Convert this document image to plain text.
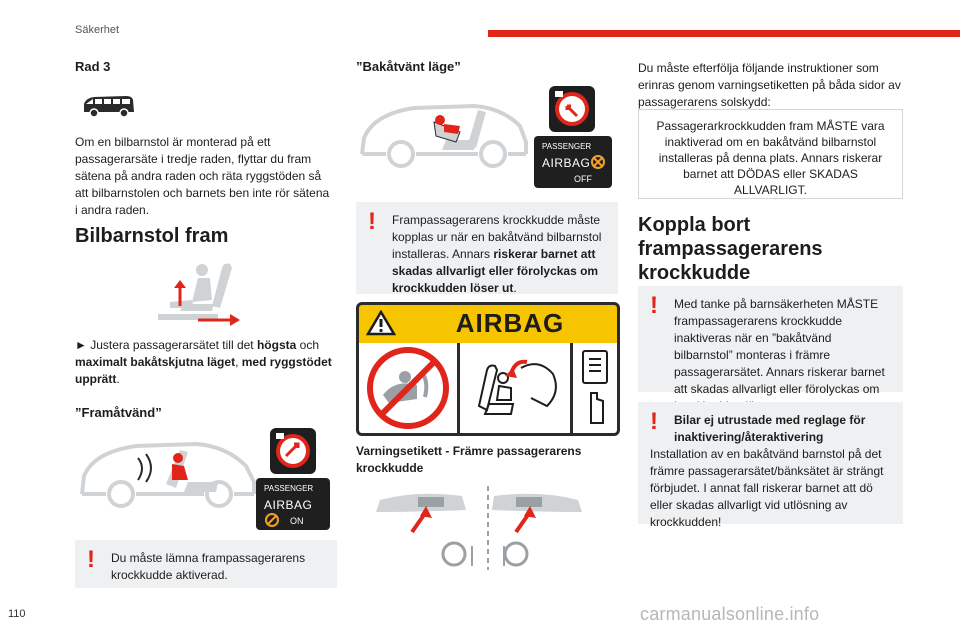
Säkerhet
Rad 3
Om en bilbarnstol är monterad på ett passagerarsäte i tredje raden, flyttar du fram sätena på andra raden och räta ryggstöden så att bilbarnstolen och barnets ben inte rör sätena i andra raden.
Bilbarnstol fram
► Justera passagerarsätet till det högsta och maximalt bakåtskjutna läget, med ryggstödet upprätt.
”Framåtvänd”
PASSENGER
AIRBAG
ON
!	Du måste lämna frampassagerarens krockkudde aktiverad.
”Bakåtvänt läge”
PASSENGER
AIRBAG
OFF
!	Frampassagerarens krockkudde måste kopplas ur när en bakåtvänd bilbarnstol installeras. Annars riskerar barnet att skadas allvarligt eller förolyckas om krockkudden löser ut.
AIRBAG
Varningsetikett - Främre passagerarens krockkudde
Du måste efterfölja följande instruktioner som erinras genom varningsetiketten på båda sidor av passagerarens solskydd:
Passagerarkrockkudden fram MÅSTE vara inaktiverad om en bakåtvänd bilbarnstol installeras på denna plats. Annars riskerar barnet att DÖDAS eller SKADAS ALLVARLIGT.
Koppla bort frampassagerarens krockkudde
!	Med tanke på barnsäkerheten MÅSTE frampassagerarens krockkudde inaktiveras när en ”bakåtvänd bilbarnstol” monteras i främre passagerarsätet. Annars riskerar barnet att skadas allvarligt eller förolyckas om
!	Bilar ej utrustade med reglage för inaktivering/återaktivering
Installation av en bakåtvänd barnstol på det främre passagerarsätet/bänksätet är strängt förbjudet. I annat fall riskerar barnet att dö eller skadas allvarligt vid utlösning av krockkudden!
110	carmanualsonline.info
